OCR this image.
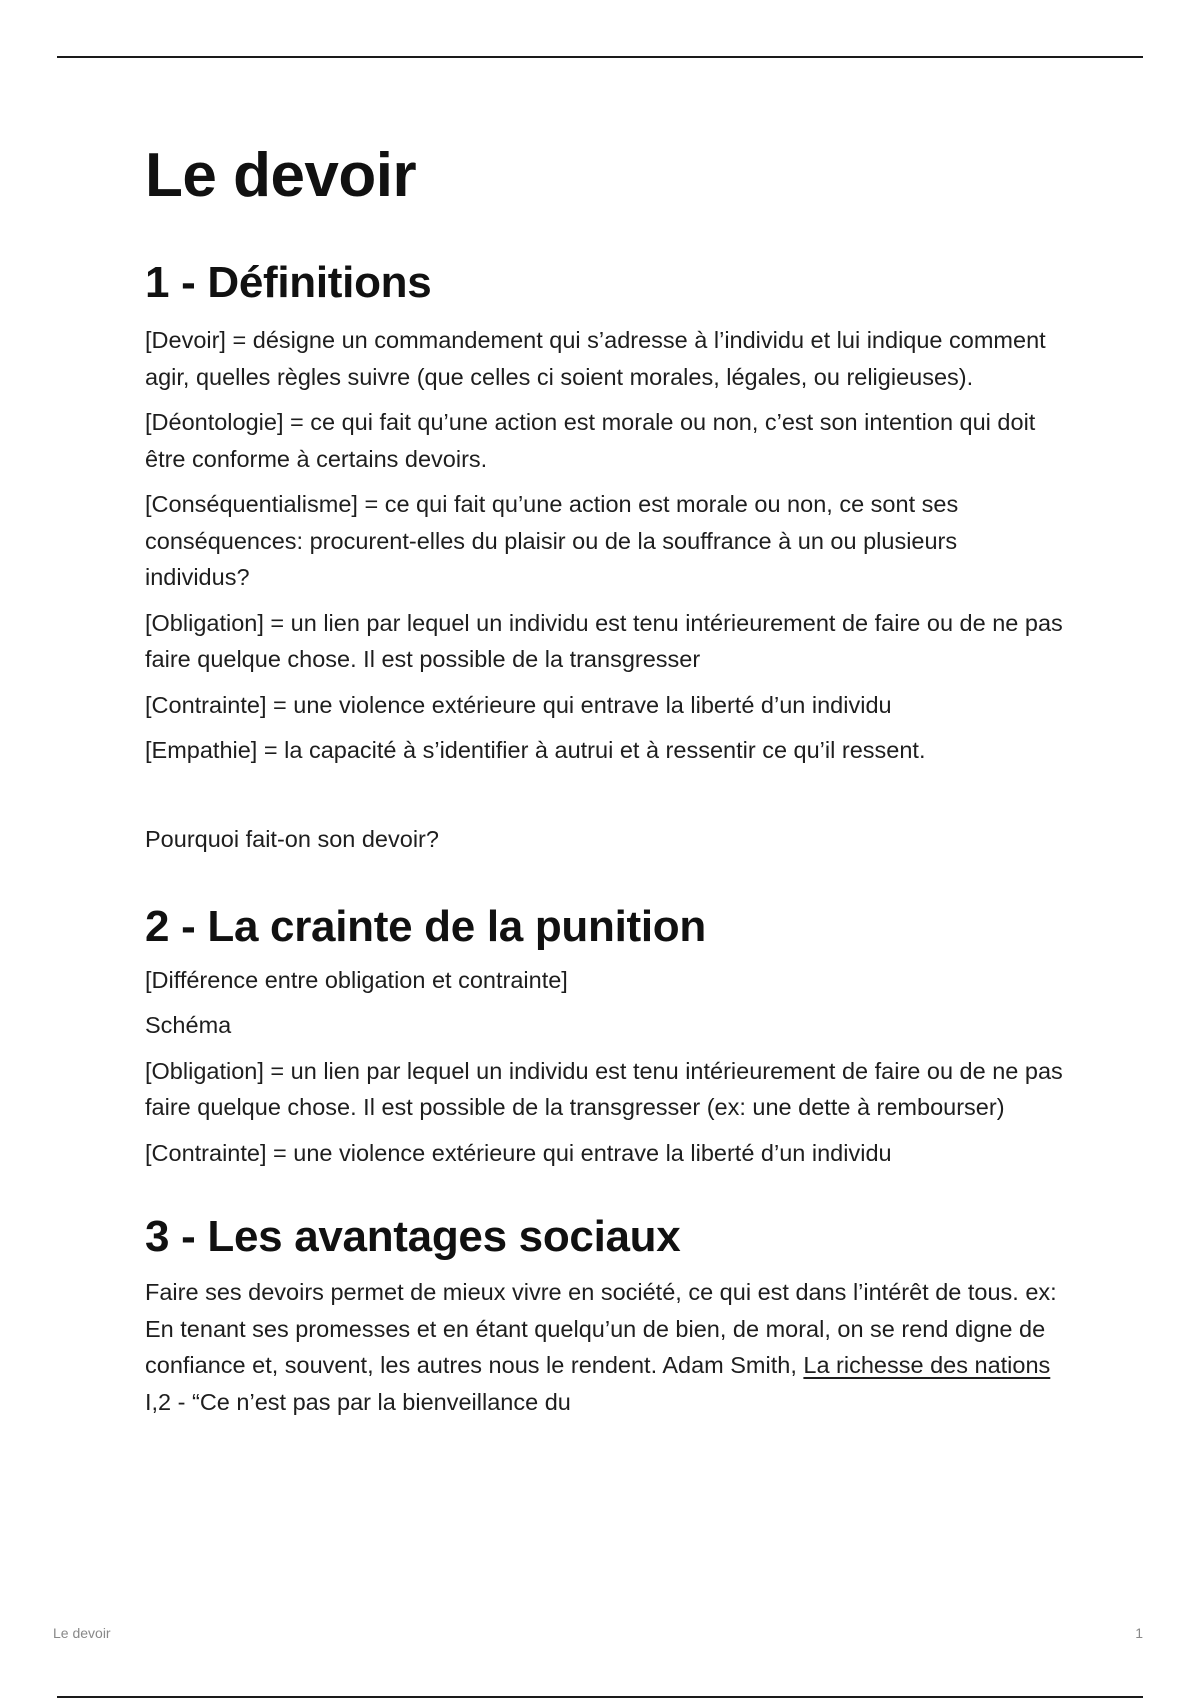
Le devoir
1 - Définitions

[Devoir] = désigne un commandement qui s’adresse à l’individu et lui indique comment agir, quelles règles suivre (que celles ci soient morales, légales, ou religieuses).

[Déontologie] = ce qui fait qu’une action est morale ou non, c’est son intention qui doit être conforme à certains devoirs.

[Conséquentialisme] = ce qui fait qu’une action est morale ou non, ce sont ses conséquences: procurent-elles du plaisir ou de la souffrance à un ou plusieurs individus?

[Obligation] = un lien par lequel un individu est tenu intérieurement de faire ou de ne pas faire quelque chose. Il est possible de la transgresser

[Contrainte] = une violence extérieure qui entrave la liberté d’un individu

[Empathie] = la capacité à s’identifier à autrui et à ressentir ce qu’il ressent.

Pourquoi fait-on son devoir?

2 - La crainte de la punition

[Différence entre obligation et contrainte]

Schéma

[Obligation] = un lien par lequel un individu est tenu intérieurement de faire ou de ne pas faire quelque chose. Il est possible de la transgresser (ex: une dette à rembourser)

[Contrainte] = une violence extérieure qui entrave la liberté d’un individu

3 - Les avantages sociaux

Faire ses devoirs permet de mieux vivre en société, ce qui est dans l’intérêt de tous. ex: En tenant ses promesses et en étant quelqu’un de bien, de moral, on se rend digne de confiance et, souvent, les autres nous le rendent. Adam Smith, La richesse des nations I,2 - “Ce n’est pas par la bienveillance du

Le devoir	1
